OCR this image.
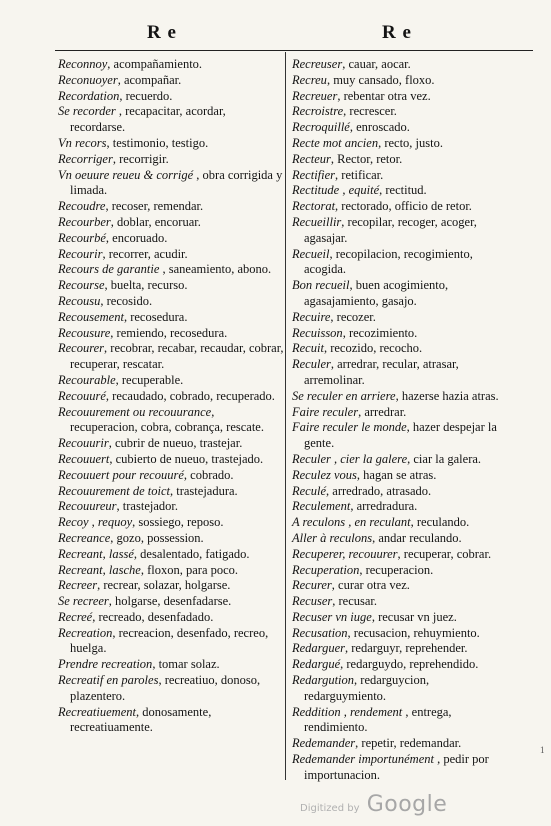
R e	R e

Reconnoy, acompañamiento.

Reconuoyer, acompañar.

Recordation, recuerdo.

Se recorder , recapacitar, acordar, recordarse.

Vn recors, testimonio, testigo.

Recorriger, recorrigir.

Vn oeuure reueu & corrigé , obra corrigida y limada.

Recoudre, recoser, remendar.

Recourber, doblar, encoruar.

Recourbé, encoruado.

Recourir, recorrer, acudir.

Recours de garantie , saneamiento, abono.

Recourse, buelta, recurso.

Recousu, recosido.

Recousement, recosedura.

Recousure, remiendo, recosedura.

Recourer, recobrar, recabar, recaudar, cobrar, recuperar, rescatar.

Recourable, recuperable.

Recouuré, recaudado, cobrado, recuperado.

Recouurement ou recouurance, recuperacion, cobra, cobrança, rescate.

Recouurir, cubrir de nueuo, trastejar.

Recouuert, cubierto de nueuo, trastejado.

Recouuert pour recouuré, cobrado.

Recouurement de toict, trastejadura.

Recouureur, trastejador.

Recoy , requoy, sossiego, reposo.

Recreance, gozo, possession.

Recreant, lassé, desalentado, fatigado.

Recreant, lasche, floxon, para poco.

Recreer, recrear, solazar, holgarse.

Se recreer, holgarse, desenfadarse.

Recreé, recreado, desenfadado.

Recreation, recreacion, desenfado, recreo, huelga.

Prendre recreation, tomar solaz.

Recreatif en paroles, recreatiuo, donoso, plazentero.

Recreatiuement, donosamente, recreatiuamente.

Recreuser, cauar, aocar.

Recreu, muy cansado, floxo.

Recreuer, rebentar otra vez.

Recroistre, recrescer.

Recroquillé, enroscado.

Recte mot ancien, recto, justo.

Recteur, Rector, retor.

Rectifier, retificar.

Rectitude , equité, rectitud.

Rectorat, rectorado, officio de retor.

Recueillir, recopilar, recoger, acoger, agasajar.

Recueil, recopilacion, recogimiento, acogida.

Bon recueil, buen acogimiento, agasajamiento, gasajo.

Recuire, recozer.

Recuisson, recozimiento.

Recuit, recozido, recocho.

Reculer, arredrar, recular, atrasar, arremolinar.

Se reculer en arriere, hazerse hazia atras.

Faire reculer, arredrar.

Faire reculer le monde, hazer despejar la gente.

Reculer , cier la galere, ciar la galera.

Reculez vous, hagan se atras.

Reculé, arredrado, atrasado.

Reculement, arredradura.

A reculons , en reculant, reculando.

Aller à reculons, andar reculando.

Recuperer, recouurer, recuperar, cobrar.

Recuperation, recuperacion.

Recurer, curar otra vez.

Recuser, recusar.

Recuser vn iuge, recusar vn juez.

Recusation, recusacion, rehuymiento.

Redarguer, redarguyr, reprehender.

Redargué, redarguydo, reprehendido.

Redargution, redarguycion, redarguymiento.

Reddition , rendement , entrega, rendimiento.

Redemander, repetir, redemandar.

Redemander importunément , pedir por importunacion.

1
Digitized by Google
